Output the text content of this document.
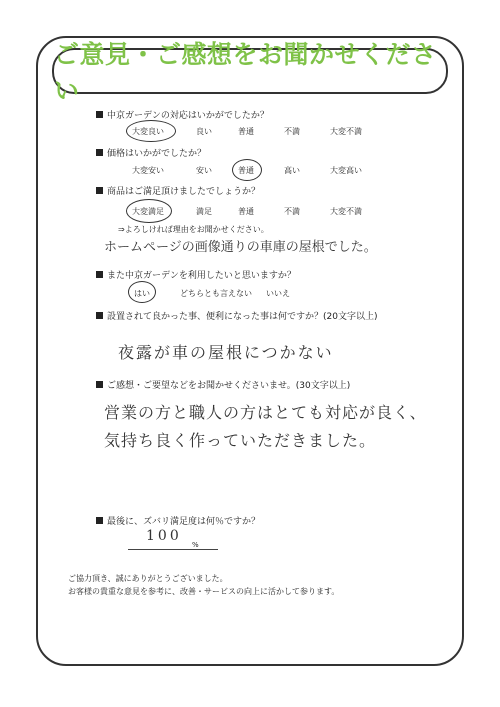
ご意見・ご感想をお聞かせください
中京ガーデンの対応はいかがでしたか？
大変良い	良い	普通	不満	大変不満
価格はいかがでしたか？
大変安い	安い	普通	高い	大変高い
商品はご満足頂けましたでしょうか？
大変満足	満足	普通	不満	大変不満
⇒よろしければ理由をお聞かせください。
ホームページの画像通りの車庫の屋根でした。
また中京ガーデンを利用したいと思いますか？
はい	どちらとも言えない いいえ
設置されて良かった事、便利になった事は何ですか？(20文字以上)
夜露が車の屋根につかない
ご感想・ご要望などをお聞かせくださいませ。(30文字以上)
営業の方と職人の方はとても対応が良く、
気持ち良く作っていただきました。
最後に、ズバリ満足度は何％ですか？
100
%
ご協力頂き、誠にありがとうございました。
お客様の貴重な意見を参考に、改善・サービスの向上に活かして参ります。
